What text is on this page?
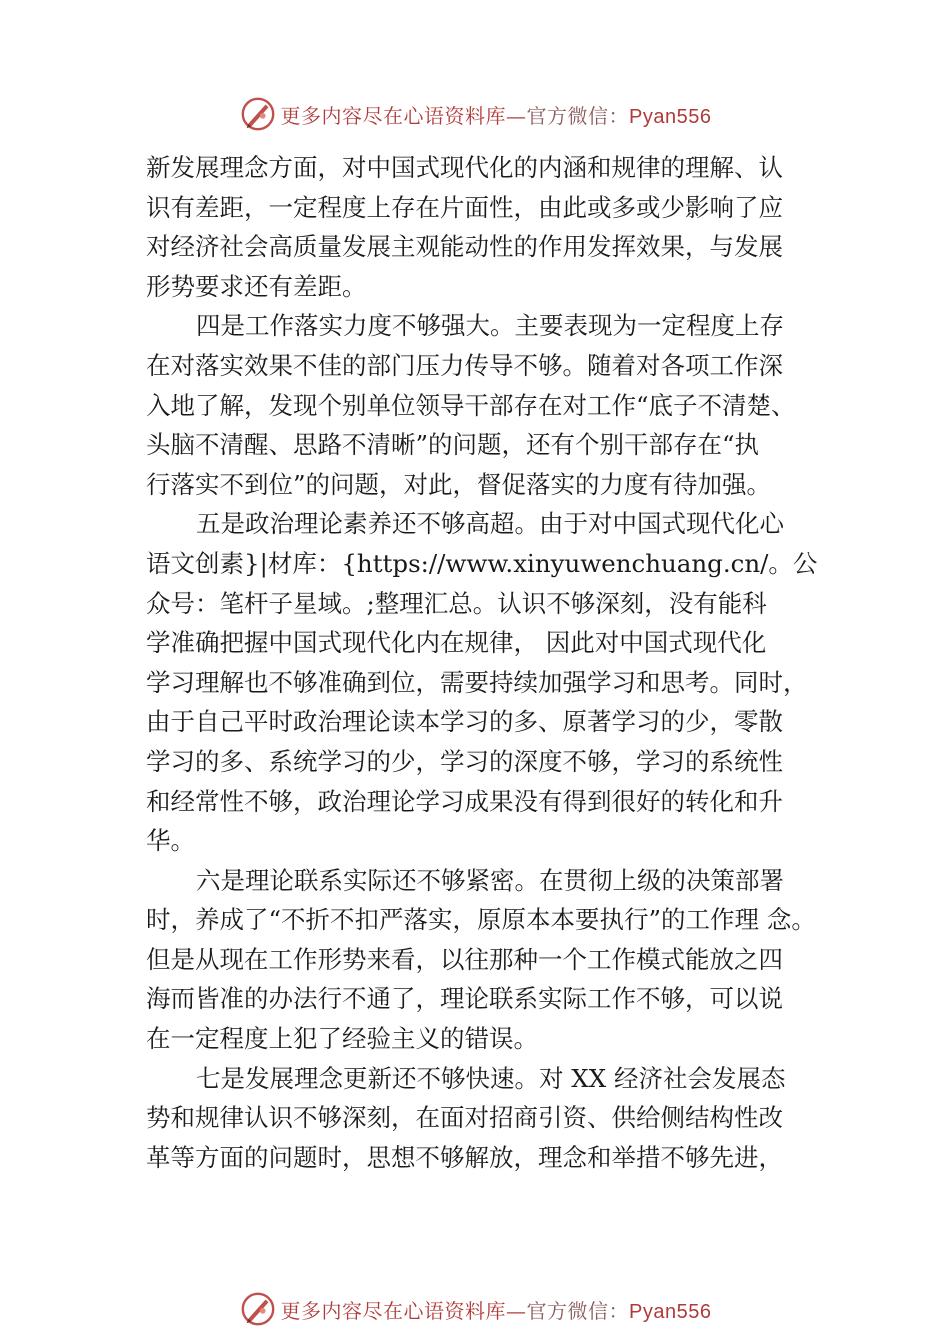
更多内容尽在心语资料库—官方微信：Pyan556
新发展理念方面，对中国式现代化的内涵和规律的理解、认
识有差距，一定程度上存在片面性，由此或多或少影响了应
对经济社会高质量发展主观能动性的作用发挥效果，与发展
形势要求还有差距。
四是工作落实力度不够强大。主要表现为一定程度上存
在对落实效果不佳的部门压力传导不够。随着对各项工作深
入地了解，发现个别单位领导干部存在对工作“底子不清楚、
头脑不清醒、思路不清晰”的问题，还有个别干部存在“执
行落实不到位”的问题，对此，督促落实的力度有待加强。
五是政治理论素养还不够高超。由于对中国式现代化心
语文创素}|材库：{https://www.xinyuwenchuang.cn/。公
众号：笔杆子星域。;整理汇总。认识不够深刻，没有能科
学准确把握中国式现代化内在规律， 因此对中国式现代化
学习理解也不够准确到位，需要持续加强学习和思考。同时，
由于自己平时政治理论读本学习的多、原著学习的少，零散
学习的多、系统学习的少，学习的深度不够，学习的系统性
和经常性不够，政治理论学习成果没有得到很好的转化和升
华。
六是理论联系实际还不够紧密。在贯彻上级的决策部署
时，养成了“不折不扣严落实，原原本本要执行”的工作理 念。
但是从现在工作形势来看，以往那种一个工作模式能放之四
海而皆准的办法行不通了，理论联系实际工作不够，可以说
在一定程度上犯了经验主义的错误。
七是发展理念更新还不够快速。对 XX 经济社会发展态
势和规律认识不够深刻，在面对招商引资、供给侧结构性改
革等方面的问题时，思想不够解放，理念和举措不够先进，
更多内容尽在心语资料库—官方微信：Pyan556
